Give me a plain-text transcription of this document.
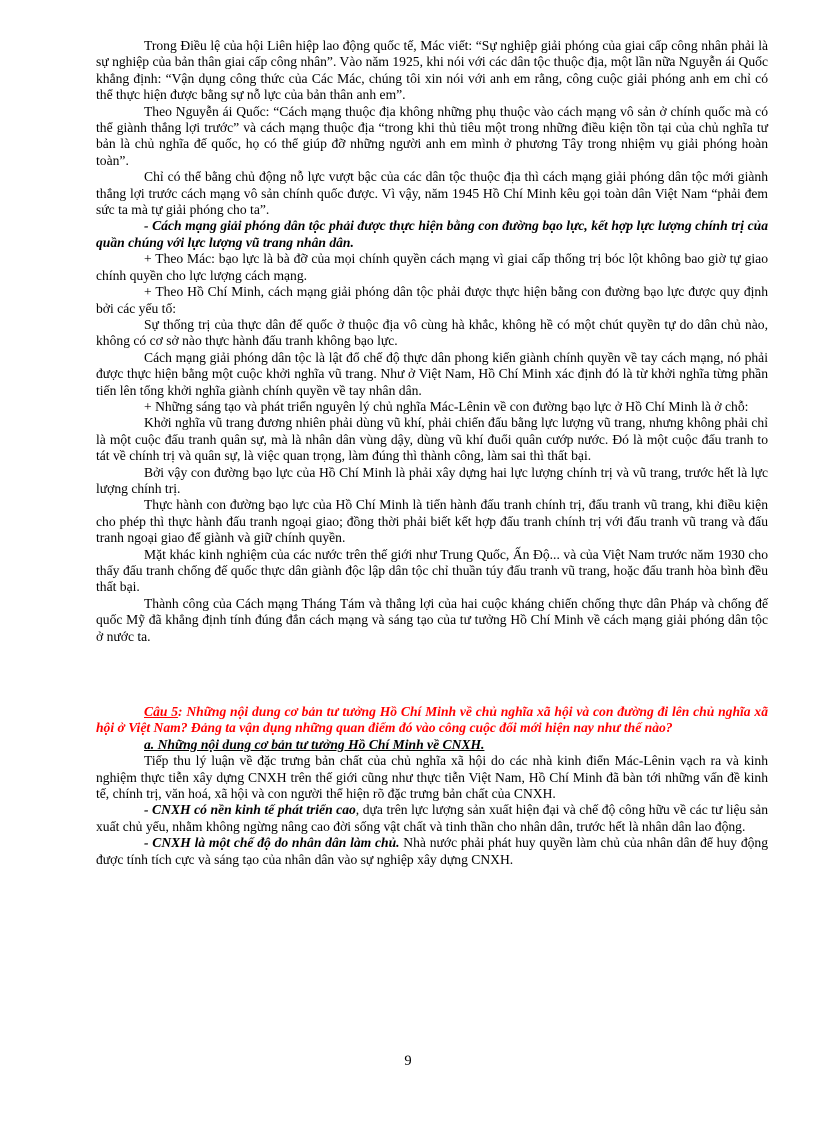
Trong Điều lệ của hội Liên hiệp lao động quốc tế, Mác viết: “Sự nghiệp giải phóng của giai cấp công nhân phải là sự nghiệp của bản thân giai cấp công nhân”. Vào năm 1925, khi nói với các dân tộc thuộc địa, một lần nữa Nguyễn ái Quốc khẳng định: “Vận dụng công thức của Các Mác, chúng tôi xin nói với anh em rằng, công cuộc giải phóng anh em chỉ có thể thực hiện được bằng sự nỗ lực của bản thân anh em”.

Theo Nguyễn ái Quốc: “Cách mạng thuộc địa không những phụ thuộc vào cách mạng vô sản ở chính quốc mà có thể giành thắng lợi trước” và cách mạng thuộc địa “trong khi thủ tiêu một trong những điều kiện tồn tại của chủ nghĩa tư bản là chủ nghĩa đế quốc, họ có thể giúp đỡ những người anh em mình ở phương Tây trong nhiệm vụ giải phóng hoàn toàn”.

Chỉ có thể bằng chủ động nỗ lực vượt bậc của các dân tộc thuộc địa thì cách mạng giải phóng dân tộc mới giành thắng lợi trước cách mạng vô sản chính quốc được. Vì vậy, năm 1945 Hồ Chí Minh kêu gọi toàn dân Việt Nam “phải đem sức ta mà tự giải phóng cho ta”.

- Cách mạng giải phóng dân tộc phải được thực hiện bằng con đường bạo lực, kết hợp lực lượng chính trị của quần chúng với lực lượng vũ trang nhân dân.

+ Theo Mác: bạo lực là bà đỡ của mọi chính quyền cách mạng vì giai cấp thống trị bóc lột không bao giờ tự giao chính quyền cho lực lượng cách mạng.

+ Theo Hồ Chí Minh, cách mạng giải phóng dân tộc phải được thực hiện bằng con đường bạo lực được quy định bởi các yếu tố:

Sự thống trị của thực dân đế quốc ở thuộc địa vô cùng hà khắc, không hề có một chút quyền tự do dân chủ nào, không có cơ sở nào thực hành đấu tranh không bạo lực.

Cách mạng giải phóng dân tộc là lật đổ chế độ thực dân phong kiến giành chính quyền về tay cách mạng, nó phải được thực hiện bằng một cuộc khởi nghĩa vũ trang. Như ở Việt Nam, Hồ Chí Minh xác định đó là từ khởi nghĩa từng phần tiến lên tổng khởi nghĩa giành chính quyền về tay nhân dân.

+ Những sáng tạo và phát triển nguyên lý chủ nghĩa Mác-Lênin về con đường bạo lực ở Hồ Chí Minh là ở chỗ:

Khởi nghĩa vũ trang đương nhiên phải dùng vũ khí, phải chiến đấu bằng lực lượng vũ trang, nhưng không phải chỉ là một cuộc đấu tranh quân sự, mà là nhân dân vùng dậy, dùng vũ khí đuổi quân cướp nước. Đó là một cuộc đấu tranh to tát về chính trị và quân sự, là việc quan trọng, làm đúng thì thành công, làm sai thì thất bại.

Bởi vậy con đường bạo lực của Hồ Chí Minh là phải xây dựng hai lực lượng chính trị và vũ trang, trước hết là lực lượng chính trị.

Thực hành con đường bạo lực của Hồ Chí Minh là tiến hành đấu tranh chính trị, đấu tranh vũ trang, khi điều kiện cho phép thì thực hành đấu tranh ngoại giao; đồng thời phải biết kết hợp đấu tranh chính trị với đấu tranh vũ trang và đấu tranh ngoại giao để giành và giữ chính quyền.

Mặt khác kinh nghiệm của các nước trên thế giới như Trung Quốc, Ấn Độ... và của Việt Nam trước năm 1930 cho thấy đấu tranh chống đế quốc thực dân giành độc lập dân tộc chỉ thuần túy đấu tranh vũ trang, hoặc đấu tranh hòa bình đều thất bại.

Thành công của Cách mạng Tháng Tám và thắng lợi của hai cuộc kháng chiến chống thực dân Pháp và chống đế quốc Mỹ đã khẳng định tính đúng đắn cách mạng và sáng tạo của tư tưởng Hồ Chí Minh về cách mạng giải phóng dân tộc ở nước ta.

Câu 5: Những nội dung cơ bản tư tưởng Hồ Chí Minh về chủ nghĩa xã hội và con đường đi lên chủ nghĩa xã hội ở Việt Nam? Đảng ta vận dụng những quan điểm đó vào công cuộc đổi mới hiện nay như thế nào?

a. Những nội dung cơ bản tư tưởng Hồ Chí Minh về CNXH.

Tiếp thu lý luận về đặc trưng bản chất của chủ nghĩa xã hội do các nhà kinh điển Mác-Lênin vạch ra và kinh nghiệm thực tiễn xây dựng CNXH trên thế giới cũng như thực tiễn Việt Nam, Hồ Chí Minh đã bàn tới những vấn đề kinh tế, chính trị, văn hoá, xã hội và con người thể hiện rõ đặc trưng bản chất của CNXH.

- CNXH có nền kinh tế phát triển cao, dựa trên lực lượng sản xuất hiện đại và chế độ công hữu về các tư liệu sản xuất chủ yếu, nhằm không ngừng nâng cao đời sống vật chất và tinh thần cho nhân dân, trước hết là nhân dân lao động.

- CNXH là một chế độ do nhân dân làm chủ. Nhà nước phải phát huy quyền làm chủ của nhân dân để huy động được tính tích cực và sáng tạo của nhân dân vào sự nghiệp xây dựng CNXH.

9
